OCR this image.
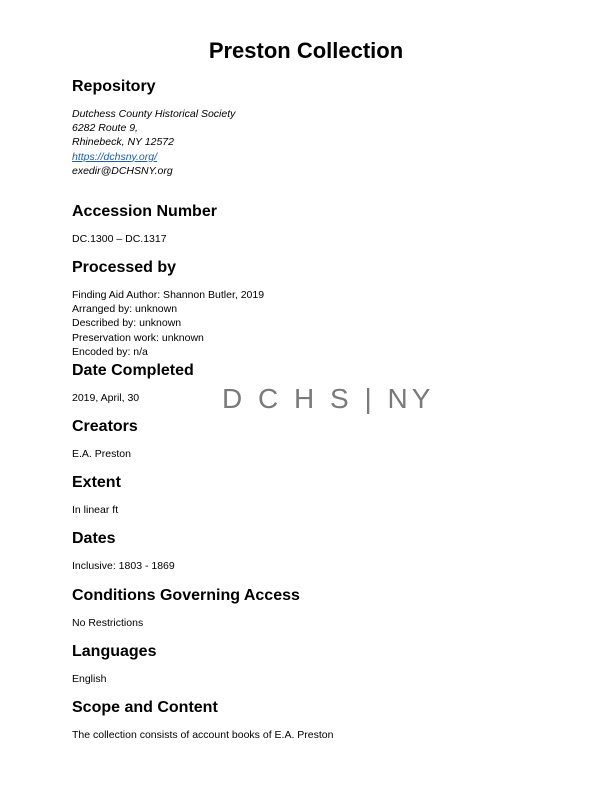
Preston Collection
Repository
Dutchess County Historical Society
6282 Route 9,
Rhinebeck, NY 12572
https://dchsny.org/
exedir@DCHSNY.org
Accession Number
DC.1300 – DC.1317
Processed by
Finding Aid Author: Shannon Butler, 2019
Arranged by: unknown
Described by: unknown
Preservation work: unknown
Encoded by: n/a
Date Completed
2019, April, 30	D C H S | NY
Creators
E.A. Preston
Extent
In linear ft
Dates
Inclusive: 1803 - 1869
Conditions Governing Access
No Restrictions
Languages
English
Scope and Content
The collection consists of account books of E.A. Preston
